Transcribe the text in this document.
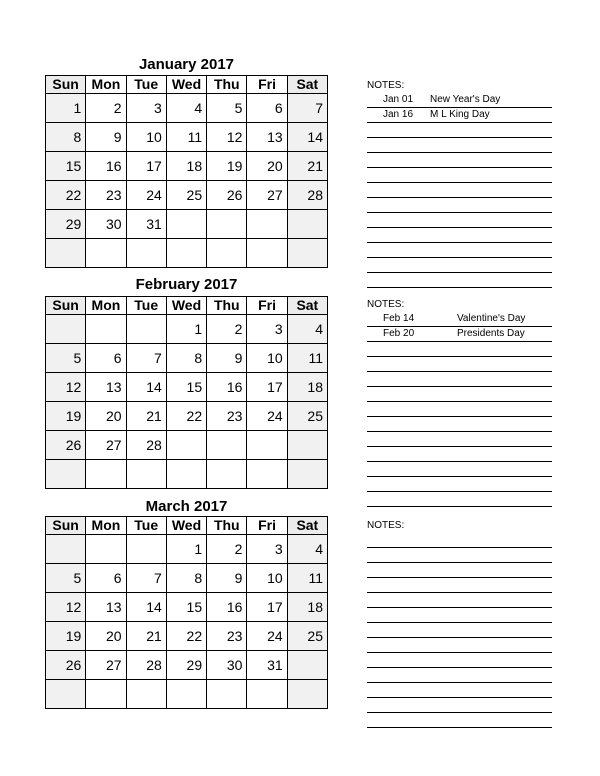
January 2017
Sun	Mon	Tue	Wed	Thu	Fri	Sat
1	2	3	4	5	6	7
8	9	10	11	12	13	14
15	16	17	18	19	20	21
22	23	24	25	26	27	28
29	30	31				

NOTES:
Jan 01 New Year's Day
Jan 16 M L King Day
February 2017
Sun	Mon	Tue	Wed	Thu	Fri	Sat
			1	2	3	4
5	6	7	8	9	10	11
12	13	14	15	16	17	18
19	20	21	22	23	24	25
26	27	28				

NOTES:
Feb 14	Valentine's Day
Feb 20	Presidents Day
March 2017
Sun	Mon	Tue	Wed	Thu	Fri	Sat
			1	2	3	4
5	6	7	8	9	10	11
12	13	14	15	16	17	18
19	20	21	22	23	24	25
26	27	28	29	30	31	

NOTES:
